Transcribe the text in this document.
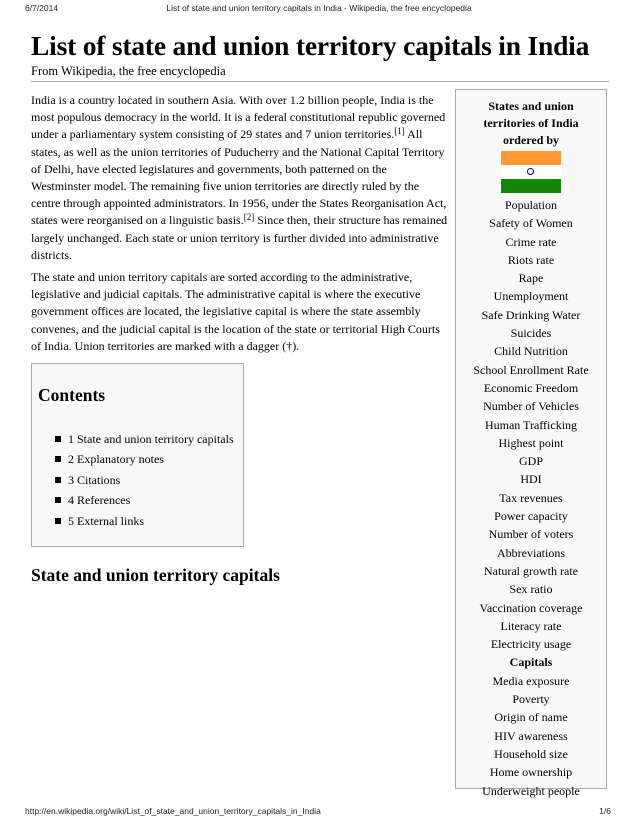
6/7/2014	List of state and union territory capitals in India - Wikipedia, the free encyclopedia
List of state and union territory capitals in India
From Wikipedia, the free encyclopedia

India is a country located in southern Asia. With over 1.2 billion people, India is the most populous democracy in the world. It is a federal constitutional republic governed under a parliamentary system consisting of 29 states and 7 union territories.[1] All states, as well as the union territories of Puducherry and the National Capital Territory of Delhi, have elected legislatures and governments, both patterned on the Westminster model. The remaining five union territories are directly ruled by the centre through appointed administrators. In 1956, under the States Reorganisation Act, states were reorganised on a linguistic basis.[2] Since then, their structure has remained largely unchanged. Each state or union territory is further divided into administrative districts.

The state and union territory capitals are sorted according to the administrative, legislative and judicial capitals. The administrative capital is where the executive government offices are located, the legislative capital is where the state assembly convenes, and the judicial capital is the location of the state or territorial High Courts of India. Union territories are marked with a dagger (†).

Contents
1 State and union territory capitals
2 Explanatory notes
3 Citations
4 References
5 External links
State and union territory capitals
States and union territories of India ordered by
Population
Safety of Women
Crime rate
Riots rate
Rape
Unemployment
Safe Drinking Water
Suicides
Child Nutrition
School Enrollment Rate
Economic Freedom
Number of Vehicles
Human Trafficking
Highest point
GDP
HDI
Tax revenues
Power capacity
Number of voters
Abbreviations
Natural growth rate
Sex ratio
Vaccination coverage
Literacy rate
Electricity usage
Capitals
Media exposure
Poverty
Origin of name
HIV awareness
Household size
Home ownership
Underweight people
http://en.wikipedia.org/wiki/List_of_state_and_union_territory_capitals_in_India	1/6
